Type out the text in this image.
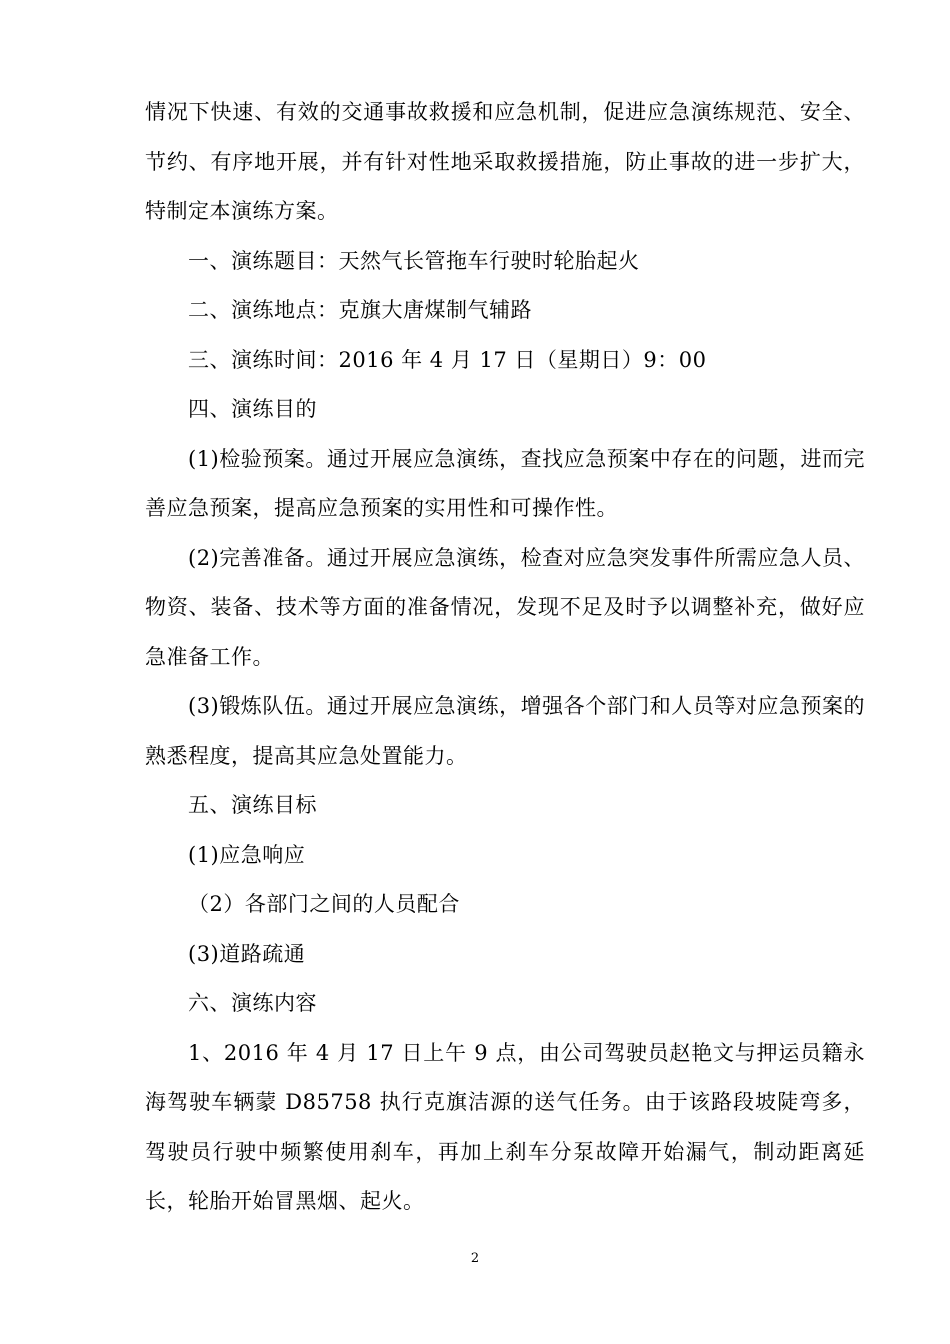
情况下快速、有效的交通事故救援和应急机制，促进应急演练规范、安全、节约、有序地开展，并有针对性地采取救援措施，防止事故的进一步扩大，特制定本演练方案。

一、演练题目：天然气长管拖车行驶时轮胎起火

二、演练地点：克旗大唐煤制气辅路

三、演练时间：2016 年 4 月 17 日（星期日）9：00

四、演练目的

(1)检验预案。通过开展应急演练，查找应急预案中存在的问题，进而完善应急预案，提高应急预案的实用性和可操作性。

(2)完善准备。通过开展应急演练，检查对应急突发事件所需应急人员、物资、装备、技术等方面的准备情况，发现不足及时予以调整补充，做好应急准备工作。

(3)锻炼队伍。通过开展应急演练，增强各个部门和人员等对应急预案的熟悉程度，提高其应急处置能力。

五、演练目标

(1)应急响应

（2）各部门之间的人员配合

(3)道路疏通

六、演练内容

1、2016 年 4 月 17 日上午 9 点，由公司驾驶员赵艳文与押运员籍永海驾驶车辆蒙 D85758 执行克旗洁源的送气任务。由于该路段坡陡弯多，驾驶员行驶中频繁使用刹车，再加上刹车分泵故障开始漏气，制动距离延长，轮胎开始冒黑烟、起火。

2
